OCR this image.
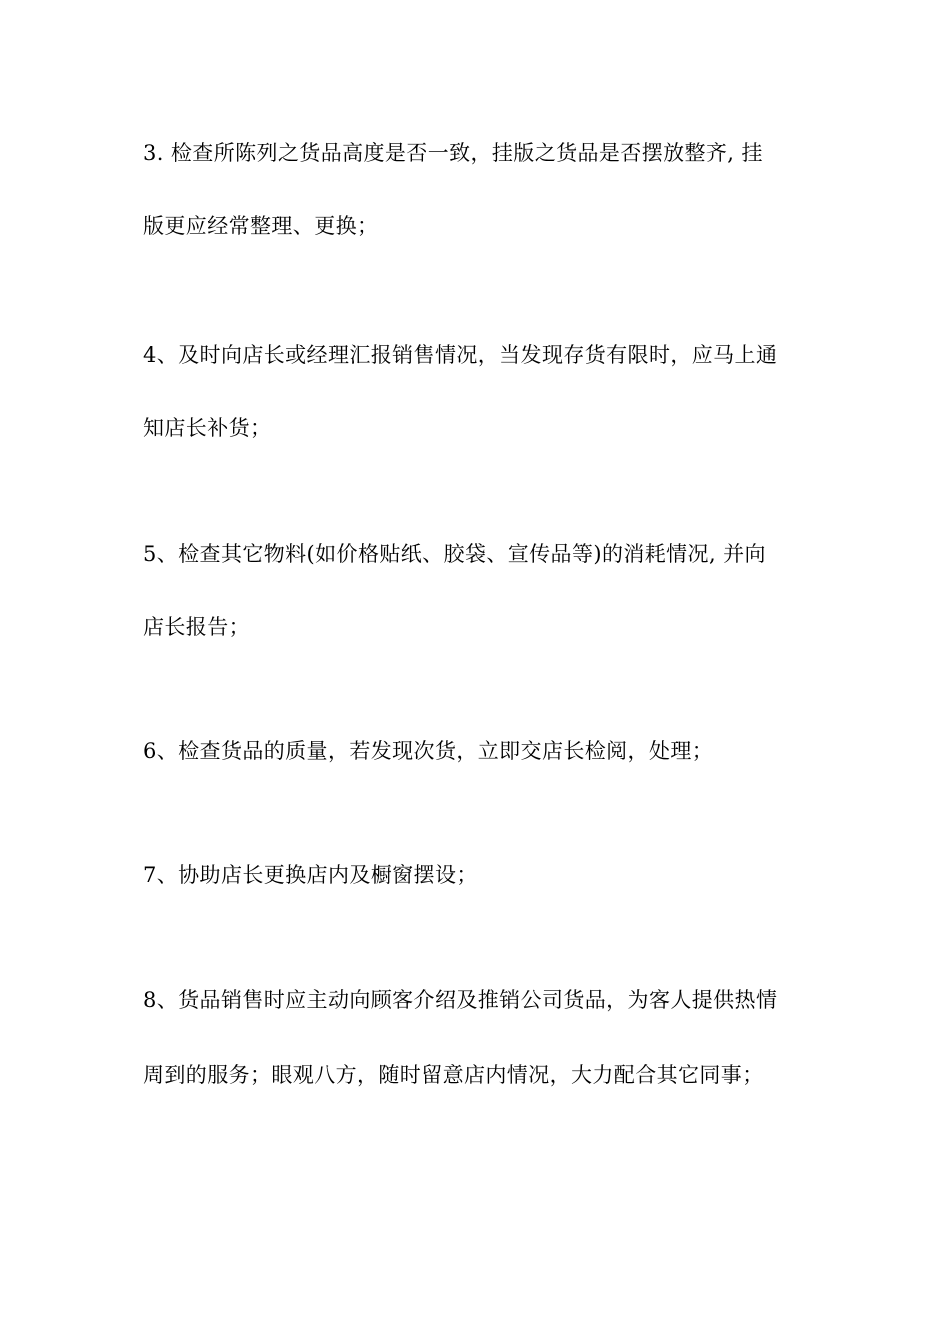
3. 检查所陈列之货品高度是否一致，挂版之货品是否摆放整齐, 挂
版更应经常整理、更换；
4、及时向店长或经理汇报销售情况，当发现存货有限时，应马上通
知店长补货；
5、检查其它物料(如价格贴纸、胶袋、宣传品等)的消耗情况, 并向
店长报告；
6、检查货品的质量，若发现次货，立即交店长检阅，处理；
7、协助店长更换店内及橱窗摆设；
8、货品销售时应主动向顾客介绍及推销公司货品，为客人提供热情
周到的服务；眼观八方，随时留意店内情况，大力配合其它同事；
